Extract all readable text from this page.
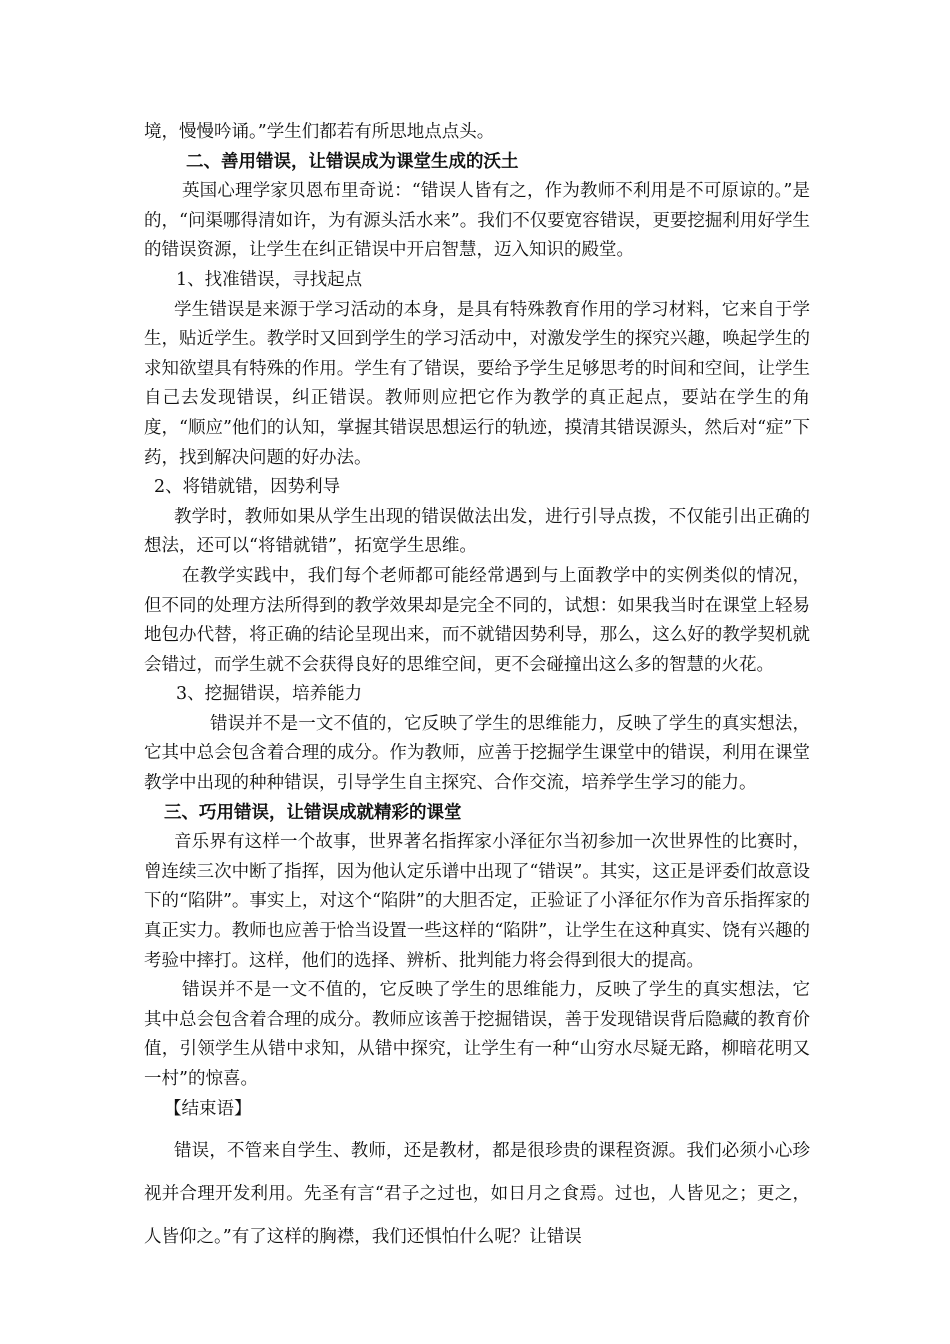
境，慢慢吟诵。”学生们都若有所思地点点头。

二、善用错误，让错误成为课堂生成的沃土

英国心理学家贝恩布里奇说：“错误人皆有之，作为教师不利用是不可原谅的。”是的，“问渠哪得清如许，为有源头活水来”。我们不仅要宽容错误，更要挖掘利用好学生的错误资源，让学生在纠正错误中开启智慧，迈入知识的殿堂。

1、找准错误，寻找起点

学生错误是来源于学习活动的本身，是具有特殊教育作用的学习材料，它来自于学生，贴近学生。教学时又回到学生的学习活动中，对激发学生的探究兴趣，唤起学生的求知欲望具有特殊的作用。学生有了错误，要给予学生足够思考的时间和空间，让学生自己去发现错误，纠正错误。教师则应把它作为教学的真正起点，要站在学生的角度，“顺应”他们的认知，掌握其错误思想运行的轨迹，摸清其错误源头，然后对“症”下药，找到解决问题的好办法。

2、将错就错，因势利导

教学时，教师如果从学生出现的错误做法出发，进行引导点拨，不仅能引出正确的想法，还可以“将错就错”，拓宽学生思维。

在教学实践中，我们每个老师都可能经常遇到与上面教学中的实例类似的情况，但不同的处理方法所得到的教学效果却是完全不同的，试想：如果我当时在课堂上轻易地包办代替，将正确的结论呈现出来，而不就错因势利导，那么，这么好的教学契机就会错过，而学生就不会获得良好的思维空间，更不会碰撞出这么多的智慧的火花。

3、挖掘错误，培养能力

错误并不是一文不值的，它反映了学生的思维能力，反映了学生的真实想法，它其中总会包含着合理的成分。作为教师，应善于挖掘学生课堂中的错误，利用在课堂教学中出现的种种错误，引导学生自主探究、合作交流，培养学生学习的能力。

三、巧用错误，让错误成就精彩的课堂

音乐界有这样一个故事，世界著名指挥家小泽征尔当初参加一次世界性的比赛时，曾连续三次中断了指挥，因为他认定乐谱中出现了“错误”。其实，这正是评委们故意设下的“陷阱”。事实上，对这个“陷阱”的大胆否定，正验证了小泽征尔作为音乐指挥家的真正实力。教师也应善于恰当设置一些这样的“陷阱”，让学生在这种真实、饶有兴趣的考验中摔打。这样，他们的选择、辨析、批判能力将会得到很大的提高。

错误并不是一文不值的，它反映了学生的思维能力，反映了学生的真实想法，它其中总会包含着合理的成分。教师应该善于挖掘错误，善于发现错误背后隐藏的教育价值，引领学生从错中求知，从错中探究，让学生有一种“山穷水尽疑无路，柳暗花明又一村”的惊喜。

【结束语】

错误，不管来自学生、教师，还是教材，都是很珍贵的课程资源。我们必须小心珍视并合理开发利用。先圣有言“君子之过也，如日月之食焉。过也，人皆见之；更之，人皆仰之。”有了这样的胸襟，我们还惧怕什么呢？让错误
